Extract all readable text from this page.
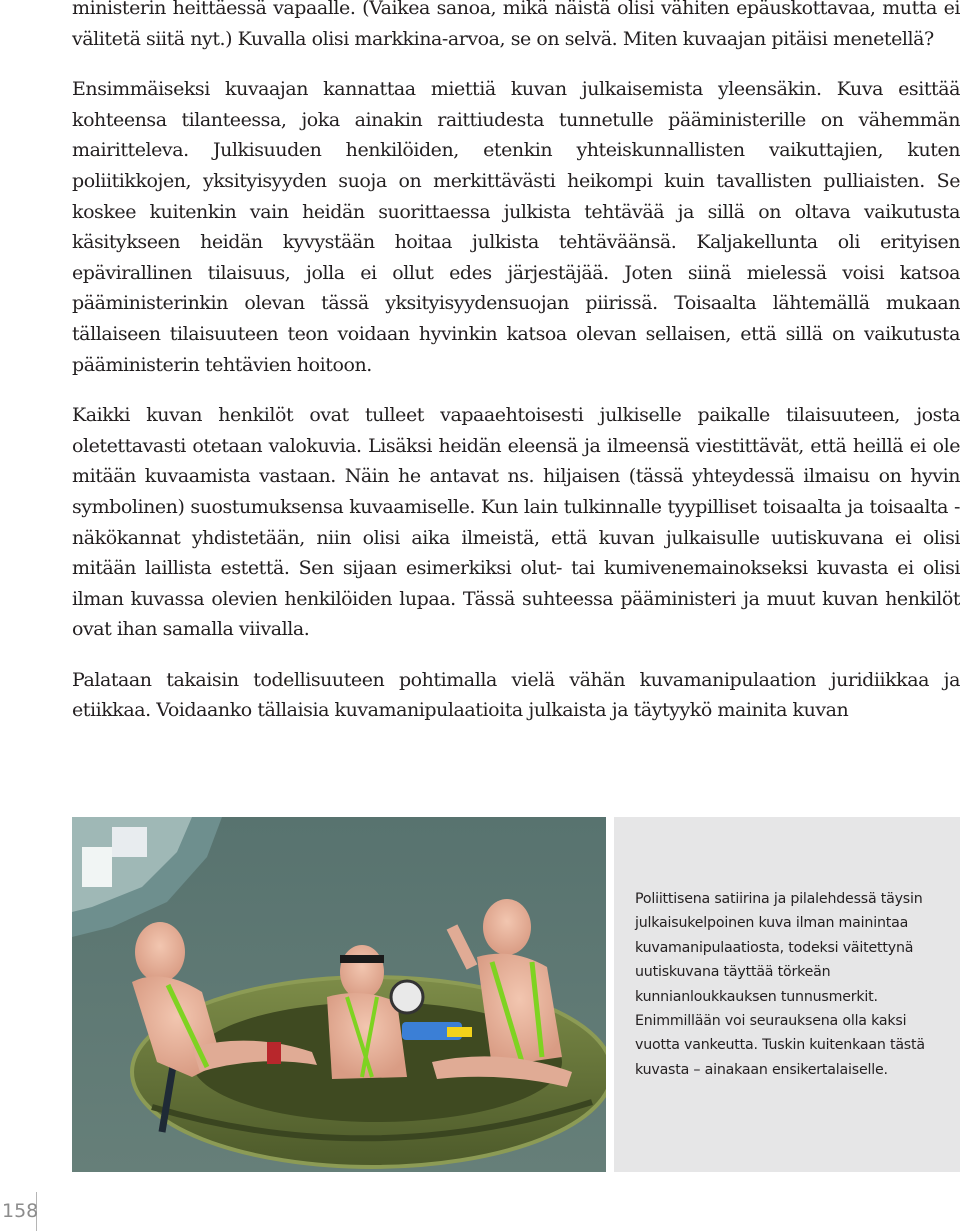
ministerin heittäessä vapaalle. (Vaikea sanoa, mikä näistä olisi vähiten epäuskottavaa, mutta ei välitetä siitä nyt.) Kuvalla olisi markkina-arvoa, se on selvä. Miten kuvaajan pitäisi menetellä?

Ensimmäiseksi kuvaajan kannattaa miettiä kuvan julkaisemista yleensäkin. Kuva esittää kohteensa tilanteessa, joka ainakin raittiudesta tunnetulle pääministerille on vähemmän mairitteleva. Julkisuuden henkilöiden, etenkin yhteiskunnallisten vaikuttajien, kuten poliitikkojen, yksityisyyden suoja on merkittävästi heikompi kuin tavallisten pulliaisten. Se koskee kuitenkin vain heidän suorittaessa julkista tehtävää ja sillä on oltava vaikutusta käsitykseen heidän kyvystään hoitaa julkista tehtäväänsä. Kaljakellunta oli erityisen epävirallinen tilaisuus, jolla ei ollut edes järjestäjää. Joten siinä mielessä voisi katsoa pääministerinkin olevan tässä yksityisyydensuojan piirissä. Toisaalta lähtemällä mukaan tällaiseen tilaisuuteen teon voidaan hyvinkin katsoa olevan sellaisen, että sillä on vaikutusta pääministerin tehtävien hoitoon.

Kaikki kuvan henkilöt ovat tulleet vapaaehtoisesti julkiselle paikalle tilaisuuteen, josta oletettavasti otetaan valokuvia. Lisäksi heidän eleensä ja ilmeensä viestittävät, että heillä ei ole mitään kuvaamista vastaan. Näin he antavat ns. hiljaisen (tässä yhteydessä ilmaisu on hyvin symbolinen) suostumuksensa kuvaamiselle. Kun lain tulkinnalle tyypilliset toisaalta ja toisaalta -näkökannat yhdistetään, niin olisi aika ilmeistä, että kuvan julkaisulle uutiskuvana ei olisi mitään laillista estettä. Sen sijaan esimerkiksi olut- tai kumivenemainokseksi kuvasta ei olisi ilman kuvassa olevien henkilöiden lupaa. Tässä suhteessa pääministeri ja muut kuvan henkilöt ovat ihan samalla viivalla.

Palataan takaisin todellisuuteen pohtimalla vielä vähän kuvamanipulaation juridiikkaa ja etiikkaa. Voidaanko tällaisia kuvamanipulaatioita julkaista ja täytyykö mainita kuvan

Poliittisena satiirina ja pilalehdessä täysin julkaisukelpoinen kuva ilman mainintaa kuvamanipulaatiosta, todeksi väitettynä uutiskuvana täyttää törkeän kunnianloukkauksen tunnusmerkit. Enimmillään voi seurauksena olla kaksi vuotta vankeutta. Tuskin kuitenkaan tästä kuvasta – ainakaan ensikertalaiselle.
158
